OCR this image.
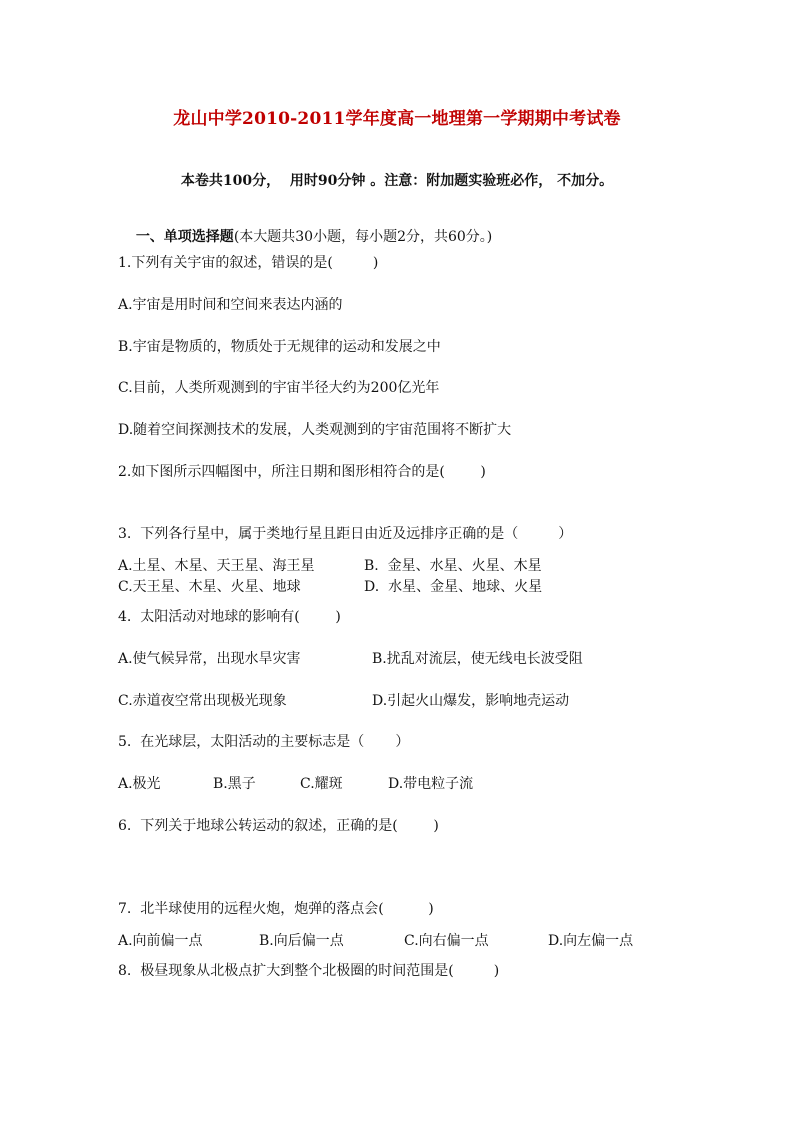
龙山中学2010-2011学年度高一地理第一学期期中考试卷
本卷共100分，  用时90分钟 。注意：附加题实验班必作， 不加分。

一、单项选择题(本大题共30小题，每小题2分，共60分。)

1.下列有关宇宙的叙述，错误的是(         )
A.宇宙是用时间和空间来表达内涵的
B.宇宙是物质的，物质处于无规律的运动和发展之中
C.目前，人类所观测到的宇宙半径大约为200亿光年
D.随着空间探测技术的发展，人类观测到的宇宙范围将不断扩大
2.如下图所示四幅图中，所注日期和图形相符合的是(        )
3.  下列各行星中，属于类地行星且距日由近及远排序正确的是（         ）
A.土星、木星、天王星、海王星	B.  金星、水星、火星、木星
C.天王星、木星、火星、地球	D.  水星、金星、地球、火星
4.  太阳活动对地球的影响有(        )
A.使气候异常，出现水旱灾害	B.扰乱对流层，使无线电长波受阻
C.赤道夜空常出现极光现象	D.引起火山爆发，影响地壳运动
5.  在光球层，太阳活动的主要标志是（       ）
A.极光	B.黑子	C.耀斑	D.带电粒子流
6.  下列关于地球公转运动的叙述，正确的是(        )
7.  北半球使用的远程火炮，炮弹的落点会(          )
A.向前偏一点	B.向后偏一点	C.向右偏一点	D.向左偏一点
8.  极昼现象从北极点扩大到整个北极圈的时间范围是(         )
